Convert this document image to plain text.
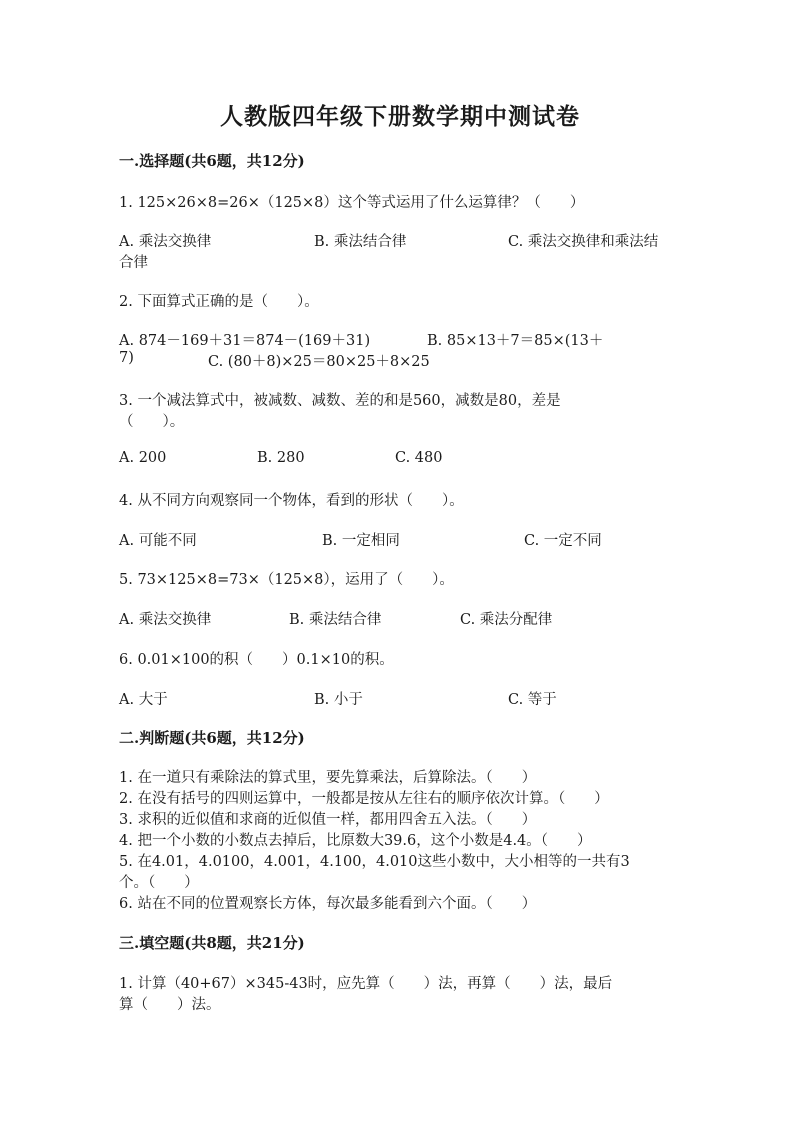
人教版四年级下册数学期中测试卷
一.选择题(共6题，共12分)
1. 125×26×8=26×（125×8）这个等式运用了什么运算律？（　　）
A. 乘法交换律	B. 乘法结合律	C. 乘法交换律和乘法结
合律
2. 下面算式正确的是（　　）。
A. 874－169＋31＝874－(169＋31)	B. 85×13＋7＝85×(13＋
7)	C. (80＋8)×25＝80×25＋8×25
3. 一个减法算式中，被减数、减数、差的和是560，减数是80，差是
（　　）。
A. 200	B. 280	C. 480
4. 从不同方向观察同一个物体，看到的形状（　　）。
A. 可能不同	B. 一定相同	C. 一定不同
5. 73×125×8=73×（125×8），运用了（　　）。
A. 乘法交换律	B. 乘法结合律	C. 乘法分配律
6. 0.01×100的积（　　）0.1×10的积。
A. 大于	B. 小于	C. 等于
二.判断题(共6题，共12分)
1. 在一道只有乘除法的算式里，要先算乘法，后算除法。（　　）
2. 在没有括号的四则运算中，一般都是按从左往右的顺序依次计算。（　　）
3. 求积的近似值和求商的近似值一样，都用四舍五入法。（　　）
4. 把一个小数的小数点去掉后，比原数大39.6，这个小数是4.4。（　　）
5. 在4.01，4.0100，4.001，4.100，4.010这些小数中，大小相等的一共有3
个。（　　）
6. 站在不同的位置观察长方体，每次最多能看到六个面。（　　）
三.填空题(共8题，共21分)
1. 计算（40+67）×345-43时，应先算（　　）法，再算（　　）法，最后
算（　　）法。
